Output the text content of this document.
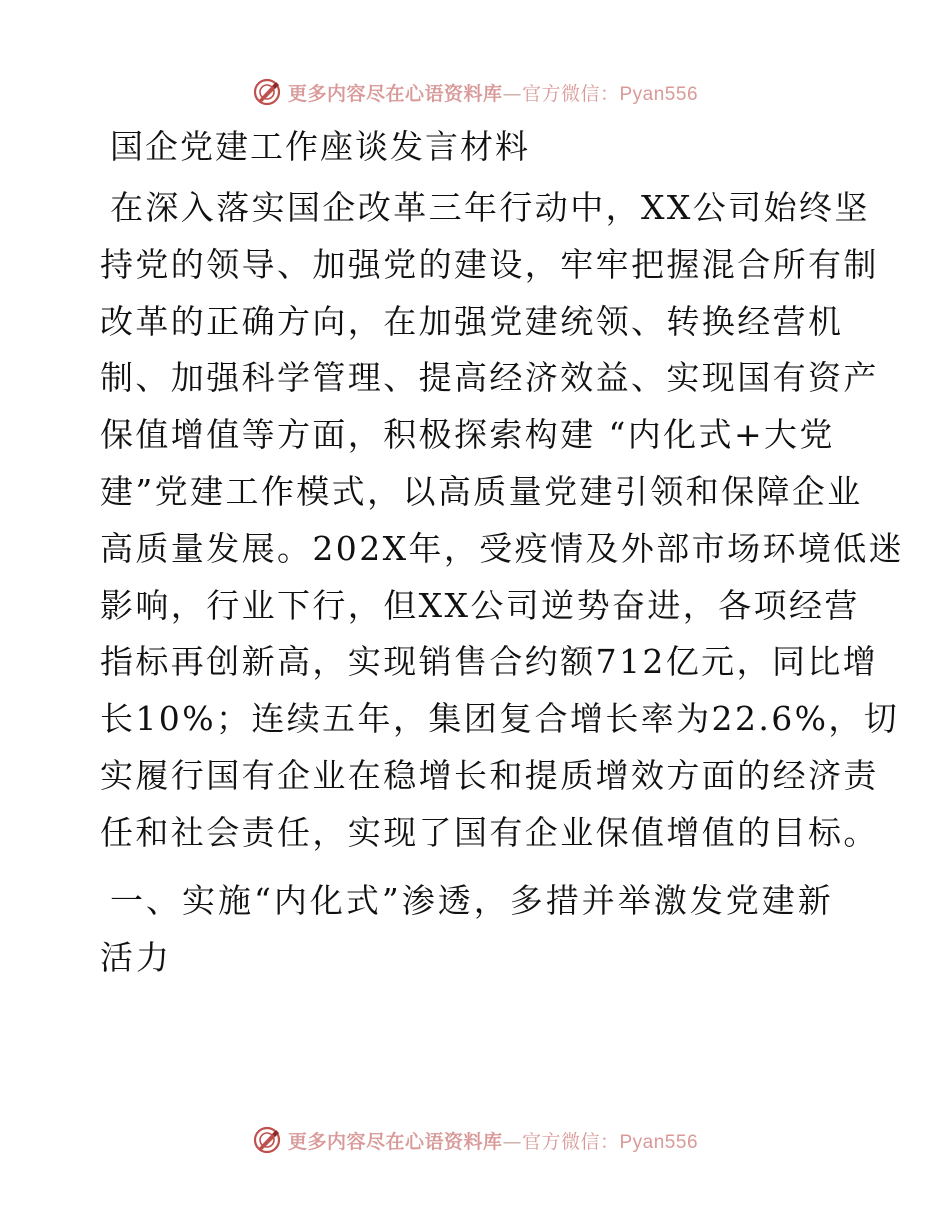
更多内容尽在心语资料库—官方微信：Pyan556
国企党建工作座谈发言材料
在深入落实国企改革三年行动中，XX公司始终坚
持党的领导、加强党的建设，牢牢把握混合所有制
改革的正确方向，在加强党建统领、转换经营机
制、加强科学管理、提高经济效益、实现国有资产
保值增值等方面，积极探索构建 “内化式+大党
建”党建工作模式，以高质量党建引领和保障企业
高质量发展。202X年，受疫情及外部市场环境低迷
影响，行业下行，但XX公司逆势奋进，各项经营
指标再创新高，实现销售合约额712亿元，同比增
长10%；连续五年，集团复合增长率为22.6%，切
实履行国有企业在稳增长和提质增效方面的经济责
任和社会责任，实现了国有企业保值增值的目标。
一、实施“内化式”渗透，多措并举激发党建新
活力
更多内容尽在心语资料库—官方微信：Pyan556
